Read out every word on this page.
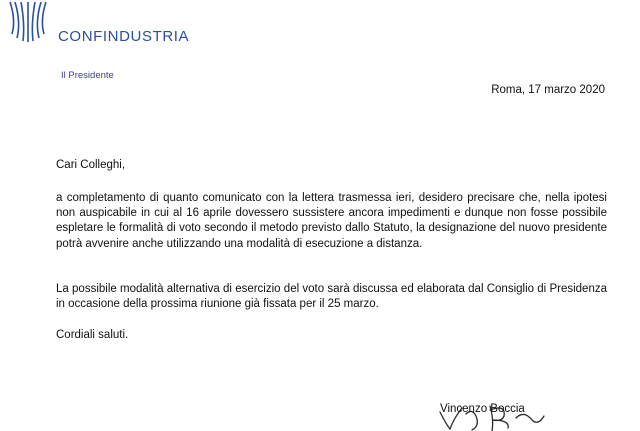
CONFINDUSTRIA
Il Presidente
Roma, 17 marzo 2020
Cari Colleghi,

a completamento di quanto comunicato con la lettera trasmessa ieri, desidero precisare che, nella ipotesi non auspicabile in cui al 16 aprile dovessero sussistere ancora impedimenti e dunque non fosse possibile espletare le formalità di voto secondo il metodo previsto dallo Statuto, la designazione del nuovo presidente potrà avvenire anche utilizzando una modalità di esecuzione a distanza.

La possibile modalità alternativa di esercizio del voto sarà discussa ed elaborata dal Consiglio di Presidenza in occasione della prossima riunione già fissata per il 25 marzo.

Cordiali saluti.
Vincenzo Boccia
